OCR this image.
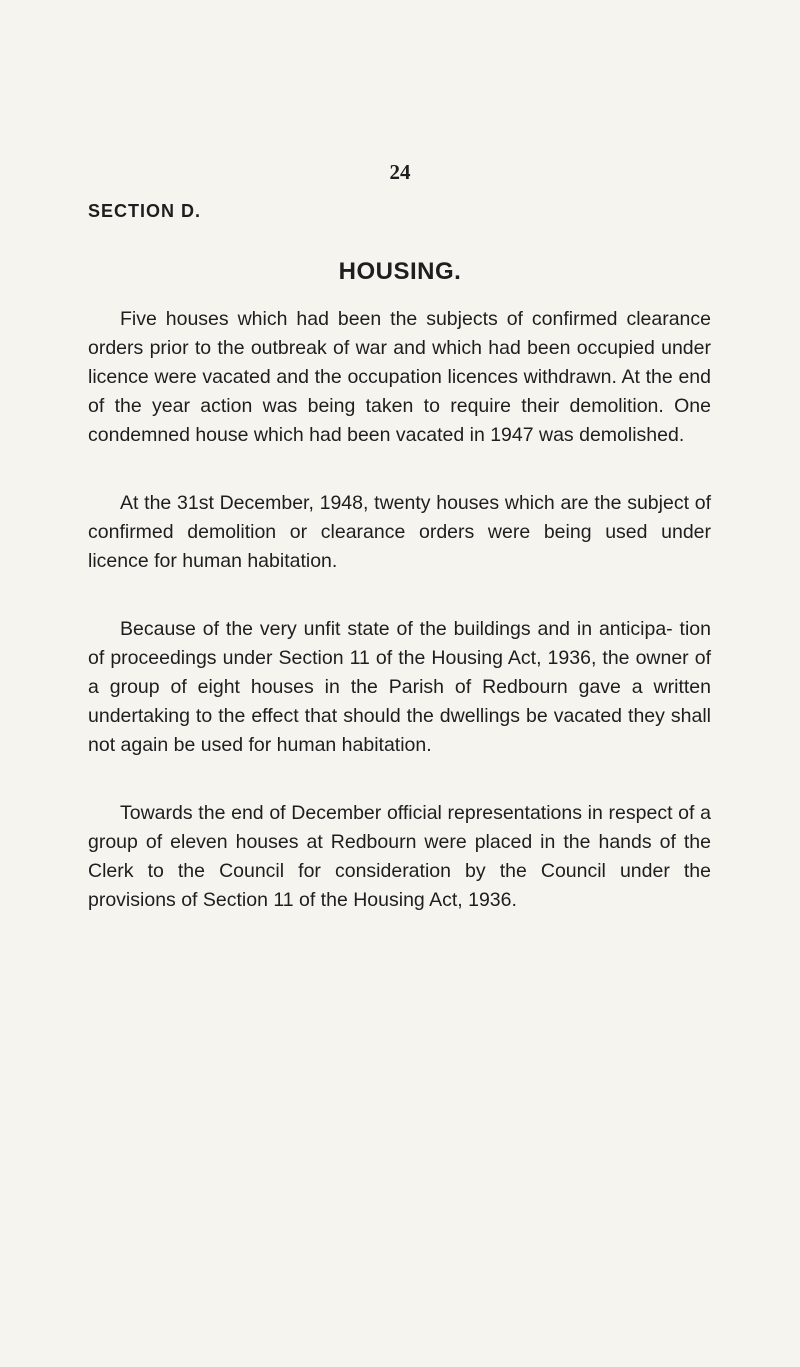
24
SECTION D.
HOUSING.

Five houses which had been the subjects of confirmed clearance orders prior to the outbreak of war and which had been occupied under licence were vacated and the occupation licences withdrawn. At the end of the year action was being taken to require their demolition. One condemned house which had been vacated in 1947 was demolished.

At the 31st December, 1948, twenty houses which are the subject of confirmed demolition or clearance orders were being used under licence for human habitation.

Because of the very unfit state of the buildings and in anticipa- tion of proceedings under Section 11 of the Housing Act, 1936, the owner of a group of eight houses in the Parish of Redbourn gave a written undertaking to the effect that should the dwellings be vacated they shall not again be used for human habitation.

Towards the end of December official representations in respect of a group of eleven houses at Redbourn were placed in the hands of the Clerk to the Council for consideration by the Council under the provisions of Section 11 of the Housing Act, 1936.
